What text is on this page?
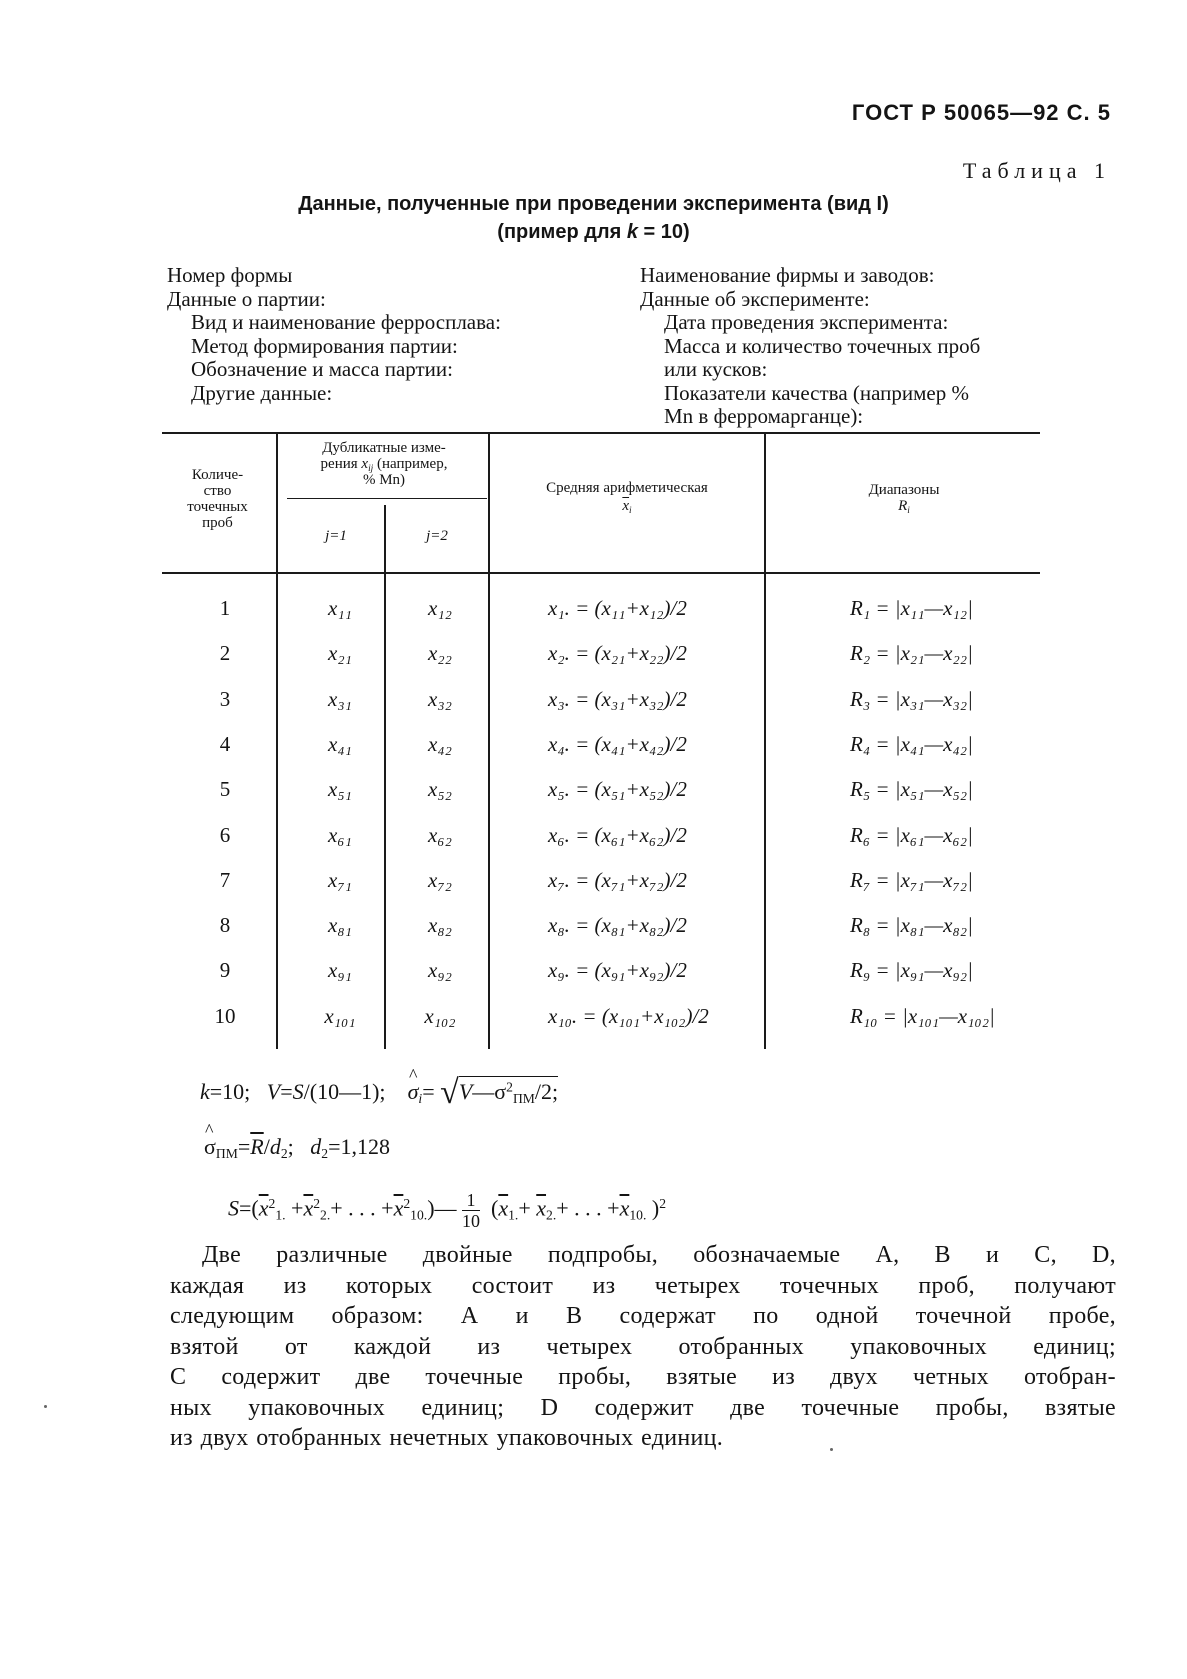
ГОСТ Р 50065—92 С. 5
Таблица 1
Данные, полученные при проведении эксперимента (вид I)
(пример для k = 10)
Номер формы
Данные о партии:
Вид и наименование ферросплава:
Метод формирования партии:
Обозначение и масса партии:
Другие данные:
Наименование фирмы и заводов:
Данные об эксперименте:
Дата проведения эксперимента:
Масса и количество точечных проб
или кусков:
Показатели качества (например %
Mn в ферромарганце):
Количе-
ство
точечных
проб
Дубликатные изме-
рения $x_{ij}$ (например,
% Mn)
j=1	j=2
Средняя арифметическая
$\overline{x}_i$
Диапазоны
$R_i$
1	x₁₁	x₁₂	x₁. = (x₁₁+x₁₂)/2	R₁ = |x₁₁—x₁₂|
2	x₂₁	x₂₂	x₂. = (x₂₁+x₂₂)/2	R₂ = |x₂₁—x₂₂|
3	x₃₁	x₃₂	x₃. = (x₃₁+x₃₂)/2	R₃ = |x₃₁—x₃₂|
4	x₄₁	x₄₂	x₄. = (x₄₁+x₄₂)/2	R₄ = |x₄₁—x₄₂|
5	x₅₁	x₅₂	x₅. = (x₅₁+x₅₂)/2	R₅ = |x₅₁—x₅₂|
6	x₆₁	x₆₂	x₆. = (x₆₁+x₆₂)/2	R₆ = |x₆₁—x₆₂|
7	x₇₁	x₇₂	x₇. = (x₇₁+x₇₂)/2	R₇ = |x₇₁—x₇₂|
8	x₈₁	x₈₂	x₈. = (x₈₁+x₈₂)/2	R₈ = |x₈₁—x₈₂|
9	x₉₁	x₉₂	x₉. = (x₉₁+x₉₂)/2	R₉ = |x₉₁—x₉₂|
10	x₁₀₁	x₁₀₂	x₁₀. = (x₁₀₁+x₁₀₂)/2	R₁₀ = |x₁₀₁—x₁₀₂|
k=10;   V=S/(10—1);    ^ $\sigma_i=$ $√V—\sigma^2_{ПМ}/2$;
^ $\sigma_{ПМ}=\overline{R}/d_2$;   $d_2=1,128$
$S=(\overline{x}^2_{1.} +\overline{x}^2_{2.}+$ . . . $+\overline{x}^2_{10.})— \frac{1}{10} (\overline{x}_{1.}+ \overline{x}_{2.}+$ . . . $+\overline{x}_{10.}$ )$^2$
Две различные двойные подпробы, обозначаемые A, B и C, D,
каждая из которых состоит из четырех точечных проб, получают
следующим образом: A и B содержат по одной точечной пробе,
взятой от каждой из четырех отобранных упаковочных единиц;
C содержит две точечные пробы, взятые из двух четных отобран-
ных упаковочных единиц; D содержит две точечные пробы, взятые
из двух отобранных нечетных упаковочных единиц.
